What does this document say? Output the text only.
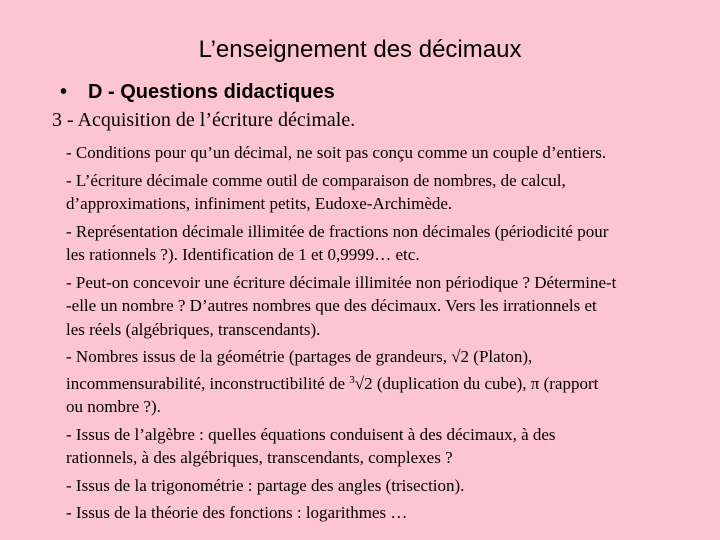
L’enseignement des décimaux
• D - Questions didactiques
3 - Acquisition de l’écriture décimale.
- Conditions pour qu’un décimal, ne soit pas conçu comme un couple d’entiers.
- L’écriture décimale comme outil de comparaison de nombres, de calcul,
d’approximations, infiniment petits, Eudoxe-Archimède.
- Représentation décimale illimitée de fractions non décimales (périodicité pour
les rationnels ?). Identification de 1 et 0,9999… etc.
- Peut-on concevoir une écriture décimale illimitée non périodique ? Détermine-t
-elle un nombre ? D’autres nombres que des décimaux. Vers les irrationnels et
les réels (algébriques, transcendants).
- Nombres issus de la géométrie (partages de grandeurs, √2 (Platon),
incommensurabilité, inconstructibilité de $^3$√2 (duplication du cube), π (rapport
ou nombre ?).
- Issus de l’algèbre : quelles équations conduisent à des décimaux, à des
rationnels, à des algébriques, transcendants, complexes ?
- Issus de la trigonométrie : partage des angles (trisection).
- Issus de la théorie des fonctions : logarithmes …
